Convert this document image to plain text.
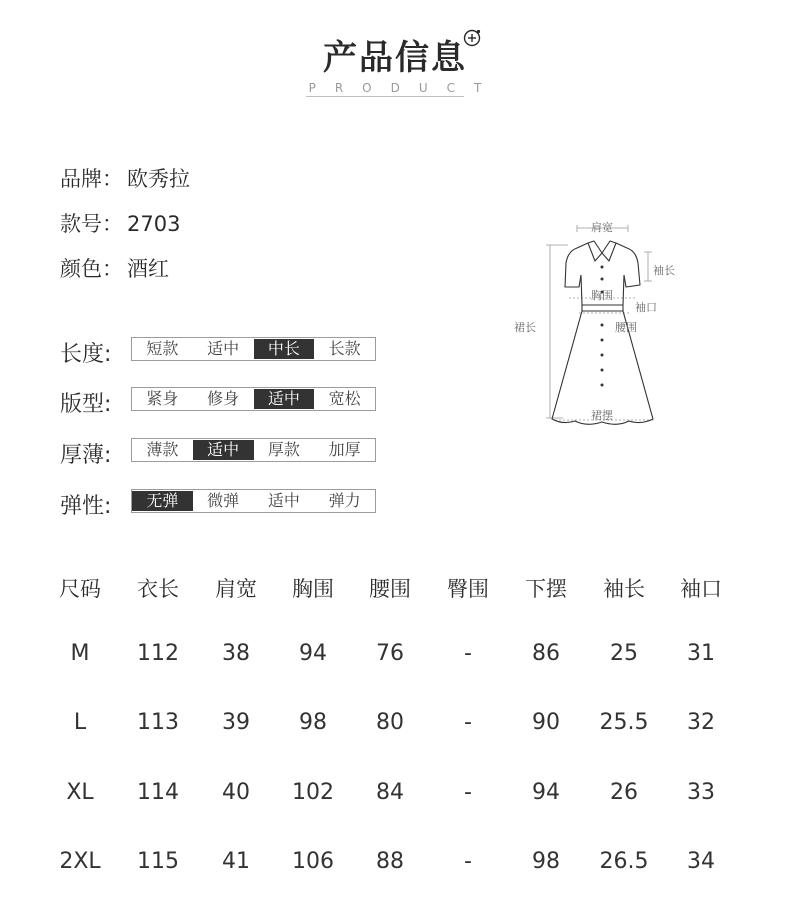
产品信息
PRODUCT
品牌： 欧秀拉
款号： 2703
颜色： 酒红
长度:	短款	适中	中长	长款
版型:	紧身	修身	适中	宽松
厚薄:	薄款	适中	厚款	加厚
弹性:	无弹	微弹	适中	弹力
肩宽
袖长
胸围
袖口
裙长	腰围
裙摆
尺码	衣长	肩宽	胸围	腰围	臀围	下摆	袖长	袖口
M	112	38	94	76	-	86	25	31
L	113	39	98	80	-	90	25.5	32
XL	114	40	102	84	-	94	26	33
2XL	115	41	106	88	-	98	26.5	34
